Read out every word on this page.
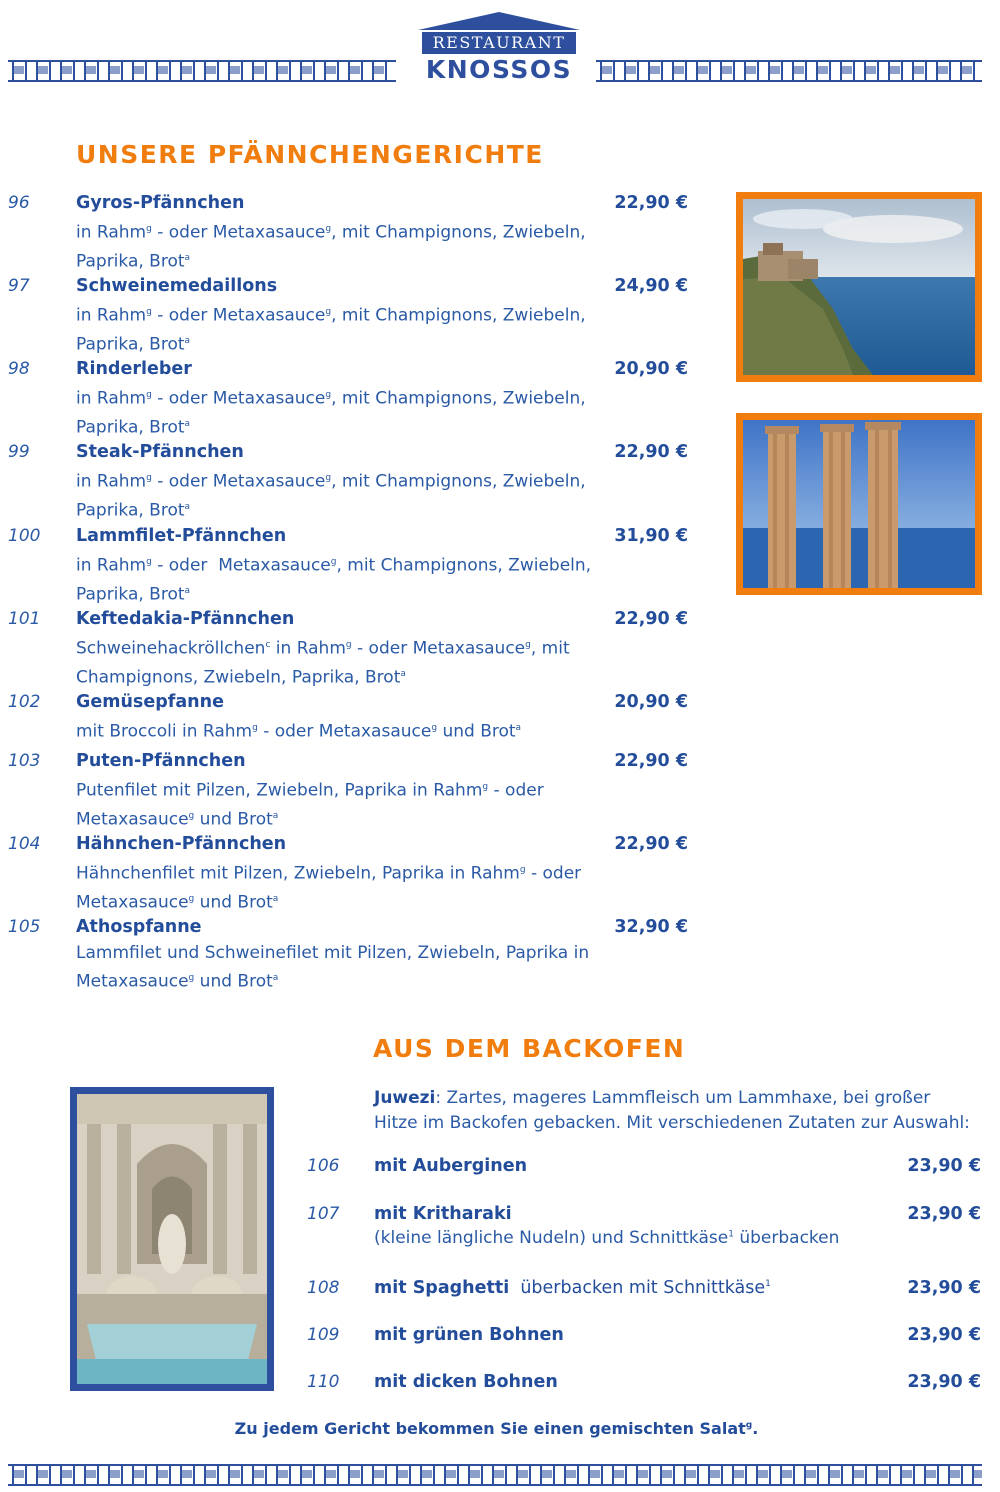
RESTAURANT
KNOSSOS
UNSERE PFÄNNCHENGERICHTE
96	Gyros-Pfännchen
in Rahm$^g$ - oder Metaxasauce$^g$, mit Champignons, Zwiebeln, Paprika, Brot$^a$
22,90 €
97	Schweinemedaillons
in Rahm$^g$ - oder Metaxasauce$^g$, mit Champignons, Zwiebeln, Paprika, Brot$^a$
24,90 €
98	Rinderleber
in Rahm$^g$ - oder Metaxasauce$^g$, mit Champignons, Zwiebeln, Paprika, Brot$^a$
20,90 €
99	Steak-Pfännchen
in Rahm$^g$ - oder Metaxasauce$^g$, mit Champignons, Zwiebeln, Paprika, Brot$^a$
22,90 €
100 Lammfilet-Pfännchen
in Rahm$^g$ - oder  Metaxasauce$^g$, mit Champignons, Zwiebeln, Paprika, Brot$^a$
31,90 €
101 Keftedakia-Pfännchen
Schweinehackröllchen$^c$ in Rahm$^g$ - oder Metaxasauce$^g$, mit Champignons, Zwiebeln, Paprika, Brot$^a$
22,90 €
102 Gemüsepfanne
mit Broccoli in Rahm$^g$ - oder Metaxasauce$^g$ und Brot$^a$
20,90 €
103 Puten-Pfännchen
Putenfilet mit Pilzen, Zwiebeln, Paprika in Rahm$^g$ - oder Metaxasauce$^g$ und Brot$^a$
22,90 €
104 Hähnchen-Pfännchen
Hähnchenfilet mit Pilzen, Zwiebeln, Paprika in Rahm$^g$ - oder Metaxasauce$^g$ und Brot$^a$
22,90 €
105 Athospfanne
Lammfilet und Schweinefilet mit Pilzen, Zwiebeln, Paprika in Metaxasauce$^g$ und Brot$^a$
32,90 €
AUS DEM BACKOFEN
Juwezi: Zartes, mageres Lammfleisch um Lammhaxe, bei großer Hitze im Backofen gebacken. Mit verschiedenen Zutaten zur Auswahl:
106 mit Auberginen	23,90 €
107 mit Kritharaki
(kleine längliche Nudeln) und Schnittkäse$^1$ überbacken
23,90 €
108 mit Spaghetti  überbacken mit Schnittkäse$^1$	23,90 €
109 mit grünen Bohnen	23,90 €
110 mit dicken Bohnen	23,90 €
Zu jedem Gericht bekommen Sie einen gemischten Salat$^g$.
